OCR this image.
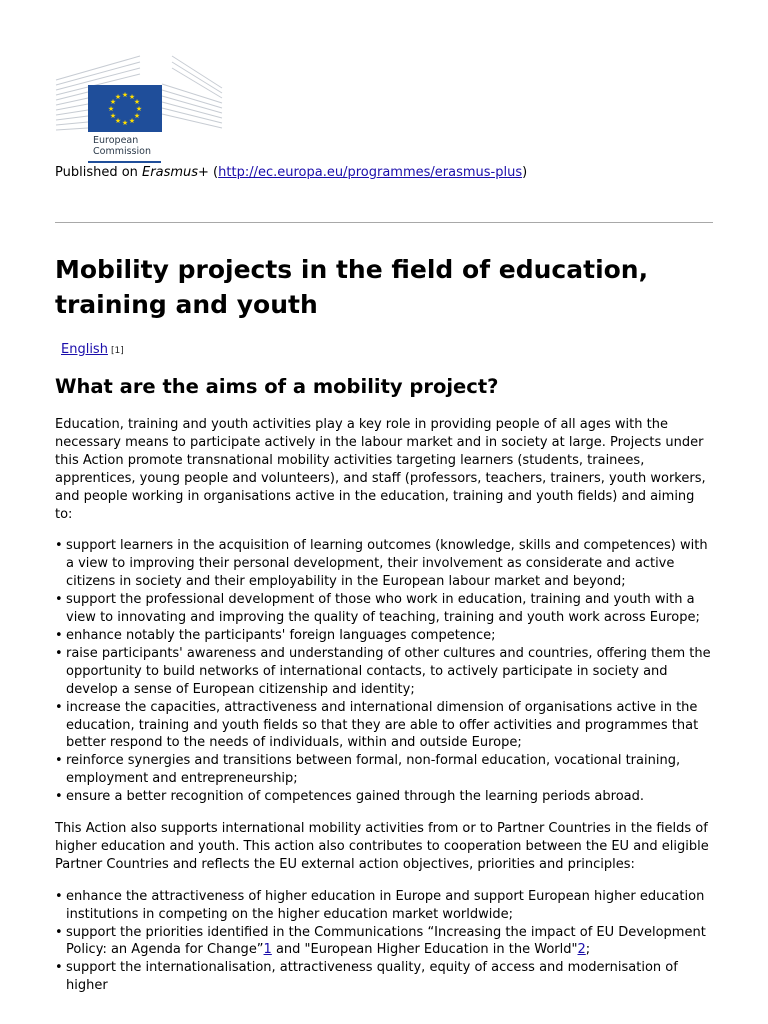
★ ★
★
★
★
★
★
★
★
★
★
★
European
Commission
Published on Erasmus+ (http://ec.europa.eu/programmes/erasmus-plus)
Mobility projects in the field of education, training and youth
English [1]
What are the aims of a mobility project?

Education, training and youth activities play a key role in providing people of all ages with the necessary means to participate actively in the labour market and in society at large. Projects under this Action promote transnational mobility activities targeting learners (students, trainees, apprentices, young people and volunteers), and staff (professors, teachers, trainers, youth workers, and people working in organisations active in the education, training and youth fields) and aiming to:

• support learners in the acquisition of learning outcomes (knowledge, skills and competences) with a view to improving their personal development, their involvement as considerate and active citizens in society and their employability in the European labour market and beyond;
• support the professional development of those who work in education, training and youth with a view to innovating and improving the quality of teaching, training and youth work across Europe;
• enhance notably the participants' foreign languages competence;
• raise participants' awareness and understanding of other cultures and countries, offering them the opportunity to build networks of international contacts, to actively participate in society and develop a sense of European citizenship and identity;
• increase the capacities, attractiveness and international dimension of organisations active in the education, training and youth fields so that they are able to offer activities and programmes that better respond to the needs of individuals, within and outside Europe;
• reinforce synergies and transitions between formal, non-formal education, vocational training, employment and entrepreneurship;
• ensure a better recognition of competences gained through the learning periods abroad.

This Action also supports international mobility activities from or to Partner Countries in the fields of higher education and youth. This action also contributes to cooperation between the EU and eligible Partner Countries and reflects the EU external action objectives, priorities and principles:

• enhance the attractiveness of higher education in Europe and support European higher education institutions in competing on the higher education market worldwide;
• support the priorities identified in the Communications “Increasing the impact of EU Development Policy: an Agenda for Change”1 and "European Higher Education in the World"2;
• support the internationalisation, attractiveness quality, equity of access and modernisation of higher
